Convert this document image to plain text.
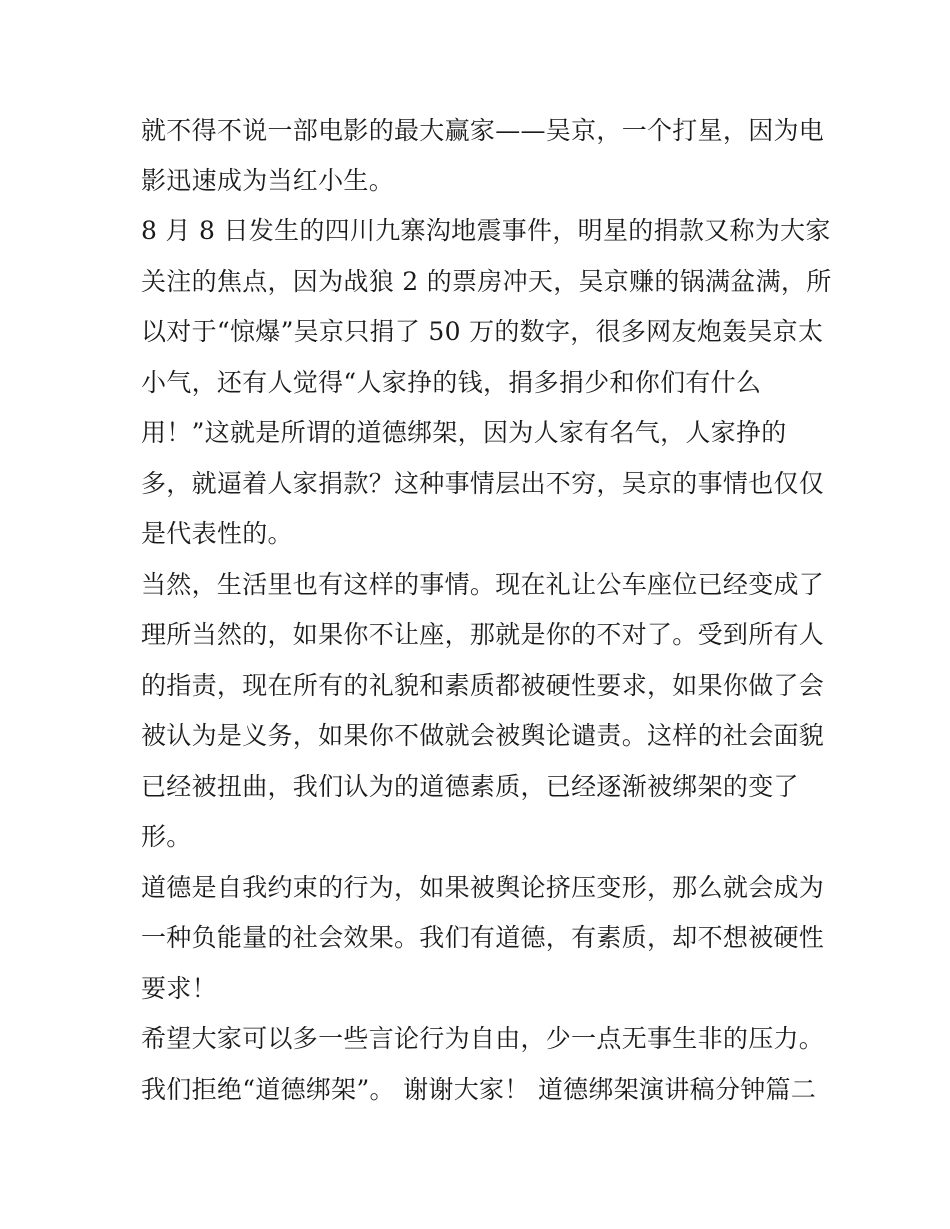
就不得不说一部电影的最大赢家——吴京，一个打星，因为电
影迅速成为当红小生。
8 月 8 日发生的四川九寨沟地震事件，明星的捐款又称为大家
关注的焦点，因为战狼 2 的票房冲天，吴京赚的锅满盆满，所
以对于“惊爆”吴京只捐了 50 万的数字，很多网友炮轰吴京太
小气，还有人觉得“人家挣的钱，捐多捐少和你们有什么
用！”这就是所谓的道德绑架，因为人家有名气，人家挣的
多，就逼着人家捐款？这种事情层出不穷，吴京的事情也仅仅
是代表性的。
当然，生活里也有这样的事情。现在礼让公车座位已经变成了
理所当然的，如果你不让座，那就是你的不对了。受到所有人
的指责，现在所有的礼貌和素质都被硬性要求，如果你做了会
被认为是义务，如果你不做就会被舆论谴责。这样的社会面貌
已经被扭曲，我们认为的道德素质，已经逐渐被绑架的变了
形。
道德是自我约束的行为，如果被舆论挤压变形，那么就会成为
一种负能量的社会效果。我们有道德，有素质，却不想被硬性
要求！
希望大家可以多一些言论行为自由，少一点无事生非的压力。
我们拒绝“道德绑架”。 谢谢大家！ 道德绑架演讲稿分钟篇二
